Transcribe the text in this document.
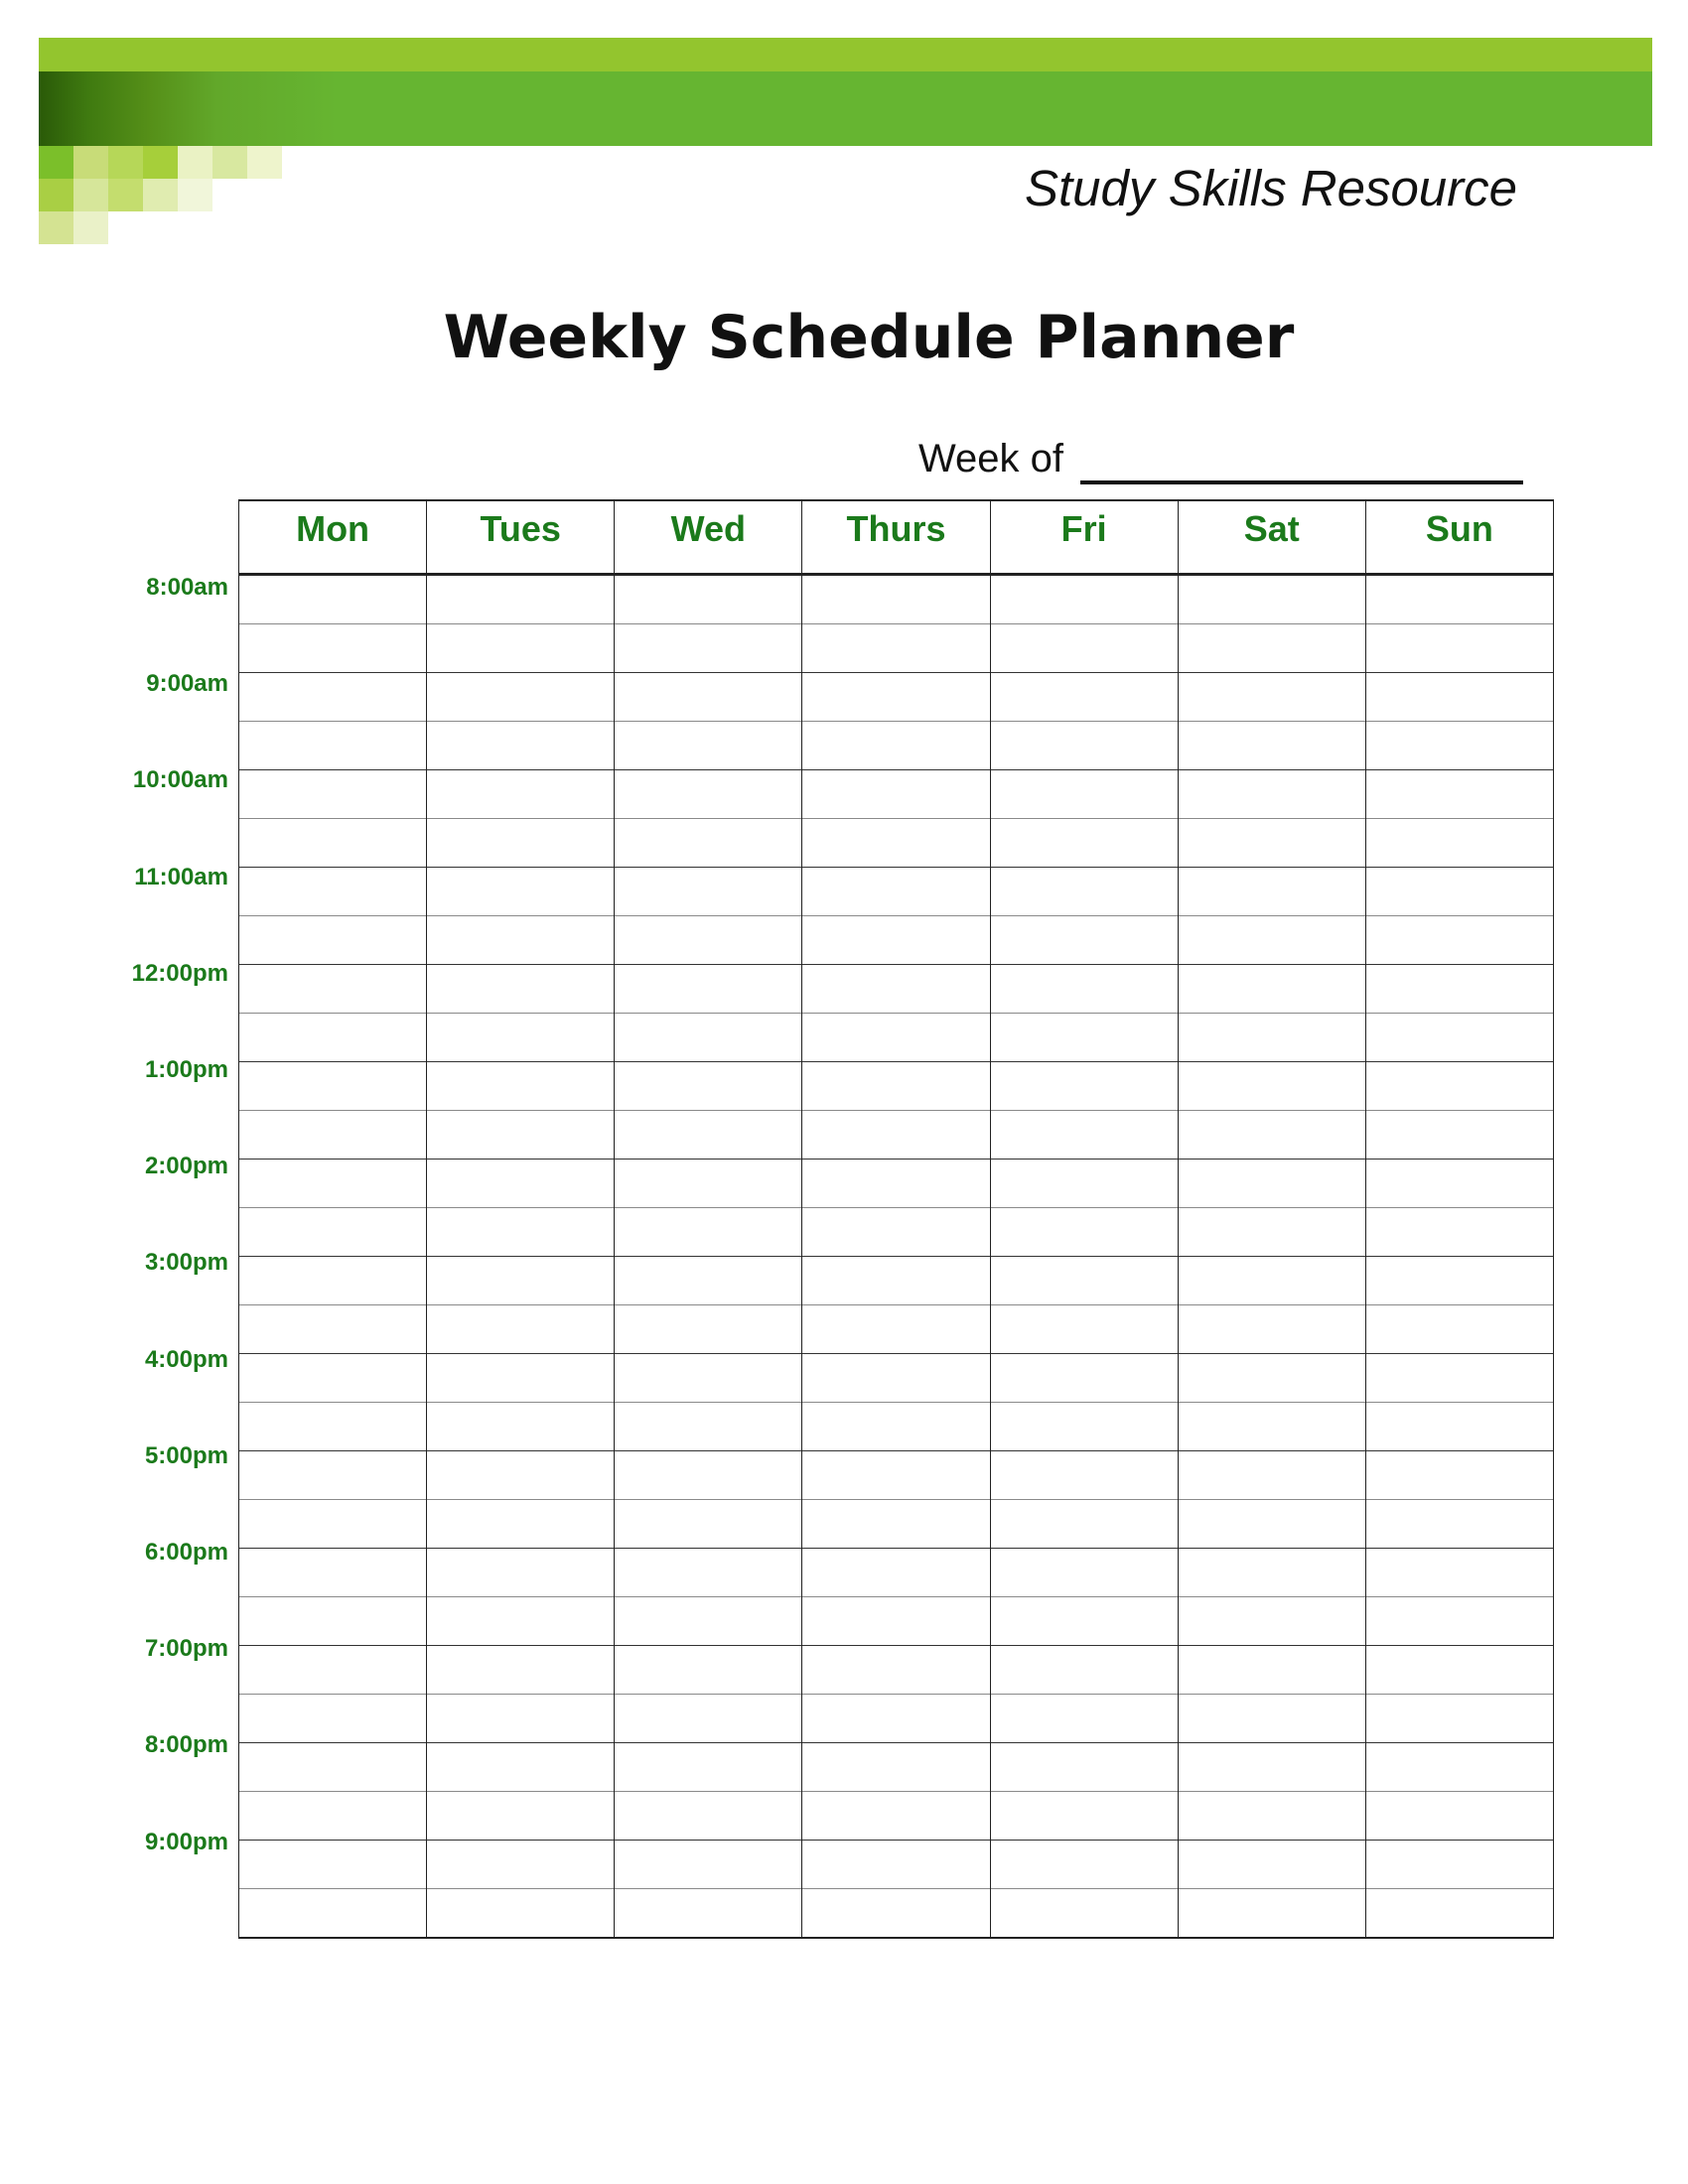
Study Skills Resource
Weekly Schedule Planner
Week of
Mon	Tues	Wed	Thurs	Fri	Sat	Sun

8:00am
9:00am
10:00am
11:00am
12:00pm
1:00pm
2:00pm
3:00pm
4:00pm
5:00pm
6:00pm
7:00pm
8:00pm
9:00pm
